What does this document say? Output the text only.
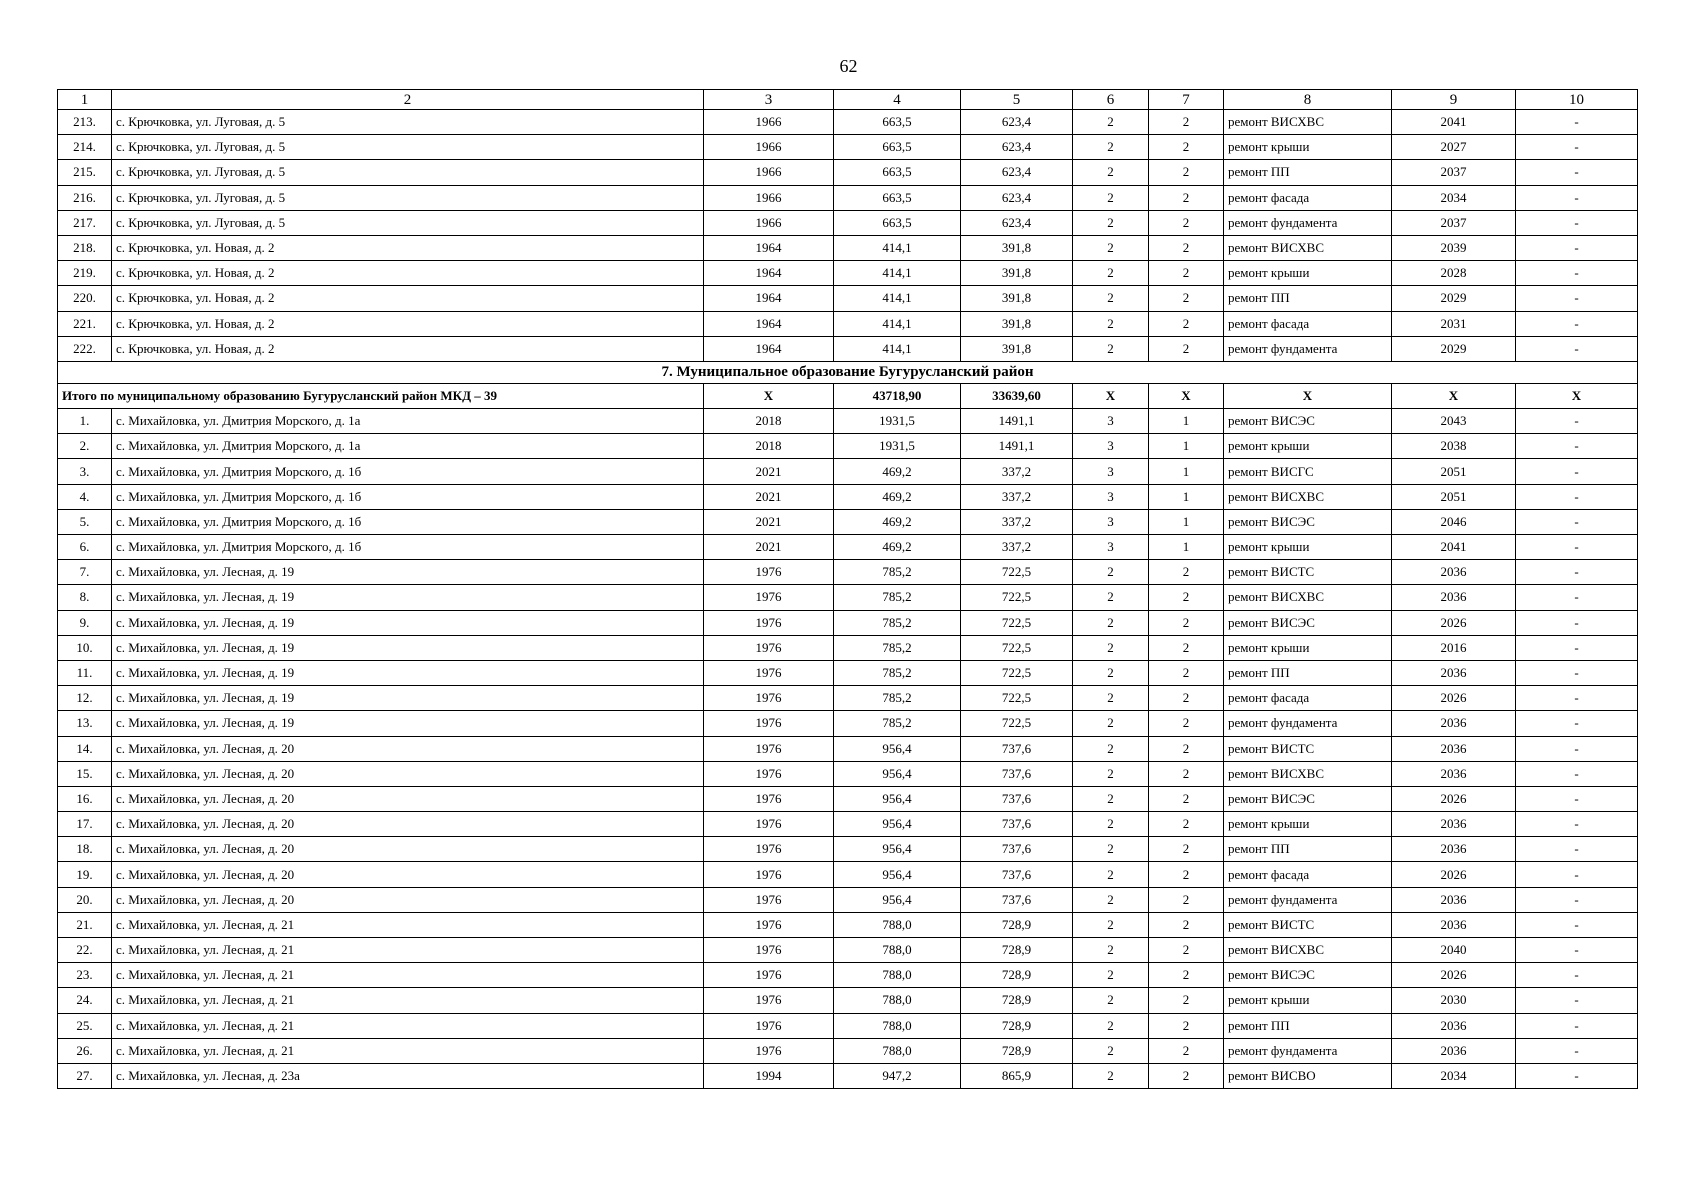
62
1	2	3	4	5	6	7	8	9	10
213.	с. Крючковка, ул. Луговая, д. 5	1966	663,5	623,4	2	2	ремонт ВИСХВС	2041	-
214.	с. Крючковка, ул. Луговая, д. 5	1966	663,5	623,4	2	2	ремонт крыши	2027	-
215.	с. Крючковка, ул. Луговая, д. 5	1966	663,5	623,4	2	2	ремонт ПП	2037	-
216.	с. Крючковка, ул. Луговая, д. 5	1966	663,5	623,4	2	2	ремонт фасада	2034	-
217.	с. Крючковка, ул. Луговая, д. 5	1966	663,5	623,4	2	2	ремонт фундамента	2037	-
218.	с. Крючковка, ул. Новая, д. 2	1964	414,1	391,8	2	2	ремонт ВИСХВС	2039	-
219.	с. Крючковка, ул. Новая, д. 2	1964	414,1	391,8	2	2	ремонт крыши	2028	-
220.	с. Крючковка, ул. Новая, д. 2	1964	414,1	391,8	2	2	ремонт ПП	2029	-
221.	с. Крючковка, ул. Новая, д. 2	1964	414,1	391,8	2	2	ремонт фасада	2031	-
222.	с. Крючковка, ул. Новая, д. 2	1964	414,1	391,8	2	2	ремонт фундамента	2029	-
7. Муниципальное образование Бугурусланский район									
Итого по муниципальному образованию Бугурусланский район МКД – 39		Х	43718,90	33639,60	Х	Х	Х	Х	Х
1.	с. Михайловка, ул. Дмитрия Морского, д. 1а	2018	1931,5	1491,1	3	1	ремонт ВИСЭС	2043	-
2.	с. Михайловка, ул. Дмитрия Морского, д. 1а	2018	1931,5	1491,1	3	1	ремонт крыши	2038	-
3.	с. Михайловка, ул. Дмитрия Морского, д. 1б	2021	469,2	337,2	3	1	ремонт ВИСГС	2051	-
4.	с. Михайловка, ул. Дмитрия Морского, д. 1б	2021	469,2	337,2	3	1	ремонт ВИСХВС	2051	-
5.	с. Михайловка, ул. Дмитрия Морского, д. 1б	2021	469,2	337,2	3	1	ремонт ВИСЭС	2046	-
6.	с. Михайловка, ул. Дмитрия Морского, д. 1б	2021	469,2	337,2	3	1	ремонт крыши	2041	-
7.	с. Михайловка, ул. Лесная, д. 19	1976	785,2	722,5	2	2	ремонт ВИСТС	2036	-
8.	с. Михайловка, ул. Лесная, д. 19	1976	785,2	722,5	2	2	ремонт ВИСХВС	2036	-
9.	с. Михайловка, ул. Лесная, д. 19	1976	785,2	722,5	2	2	ремонт ВИСЭС	2026	-
10.	с. Михайловка, ул. Лесная, д. 19	1976	785,2	722,5	2	2	ремонт крыши	2016	-
11.	с. Михайловка, ул. Лесная, д. 19	1976	785,2	722,5	2	2	ремонт ПП	2036	-
12.	с. Михайловка, ул. Лесная, д. 19	1976	785,2	722,5	2	2	ремонт фасада	2026	-
13.	с. Михайловка, ул. Лесная, д. 19	1976	785,2	722,5	2	2	ремонт фундамента	2036	-
14.	с. Михайловка, ул. Лесная, д. 20	1976	956,4	737,6	2	2	ремонт ВИСТС	2036	-
15.	с. Михайловка, ул. Лесная, д. 20	1976	956,4	737,6	2	2	ремонт ВИСХВС	2036	-
16.	с. Михайловка, ул. Лесная, д. 20	1976	956,4	737,6	2	2	ремонт ВИСЭС	2026	-
17.	с. Михайловка, ул. Лесная, д. 20	1976	956,4	737,6	2	2	ремонт крыши	2036	-
18.	с. Михайловка, ул. Лесная, д. 20	1976	956,4	737,6	2	2	ремонт ПП	2036	-
19.	с. Михайловка, ул. Лесная, д. 20	1976	956,4	737,6	2	2	ремонт фасада	2026	-
20.	с. Михайловка, ул. Лесная, д. 20	1976	956,4	737,6	2	2	ремонт фундамента	2036	-
21.	с. Михайловка, ул. Лесная, д. 21	1976	788,0	728,9	2	2	ремонт ВИСТС	2036	-
22.	с. Михайловка, ул. Лесная, д. 21	1976	788,0	728,9	2	2	ремонт ВИСХВС	2040	-
23.	с. Михайловка, ул. Лесная, д. 21	1976	788,0	728,9	2	2	ремонт ВИСЭС	2026	-
24.	с. Михайловка, ул. Лесная, д. 21	1976	788,0	728,9	2	2	ремонт крыши	2030	-
25.	с. Михайловка, ул. Лесная, д. 21	1976	788,0	728,9	2	2	ремонт ПП	2036	-
26.	с. Михайловка, ул. Лесная, д. 21	1976	788,0	728,9	2	2	ремонт фундамента	2036	-
27.	с. Михайловка, ул. Лесная, д. 23а	1994	947,2	865,9	2	2	ремонт ВИСВО	2034	-
